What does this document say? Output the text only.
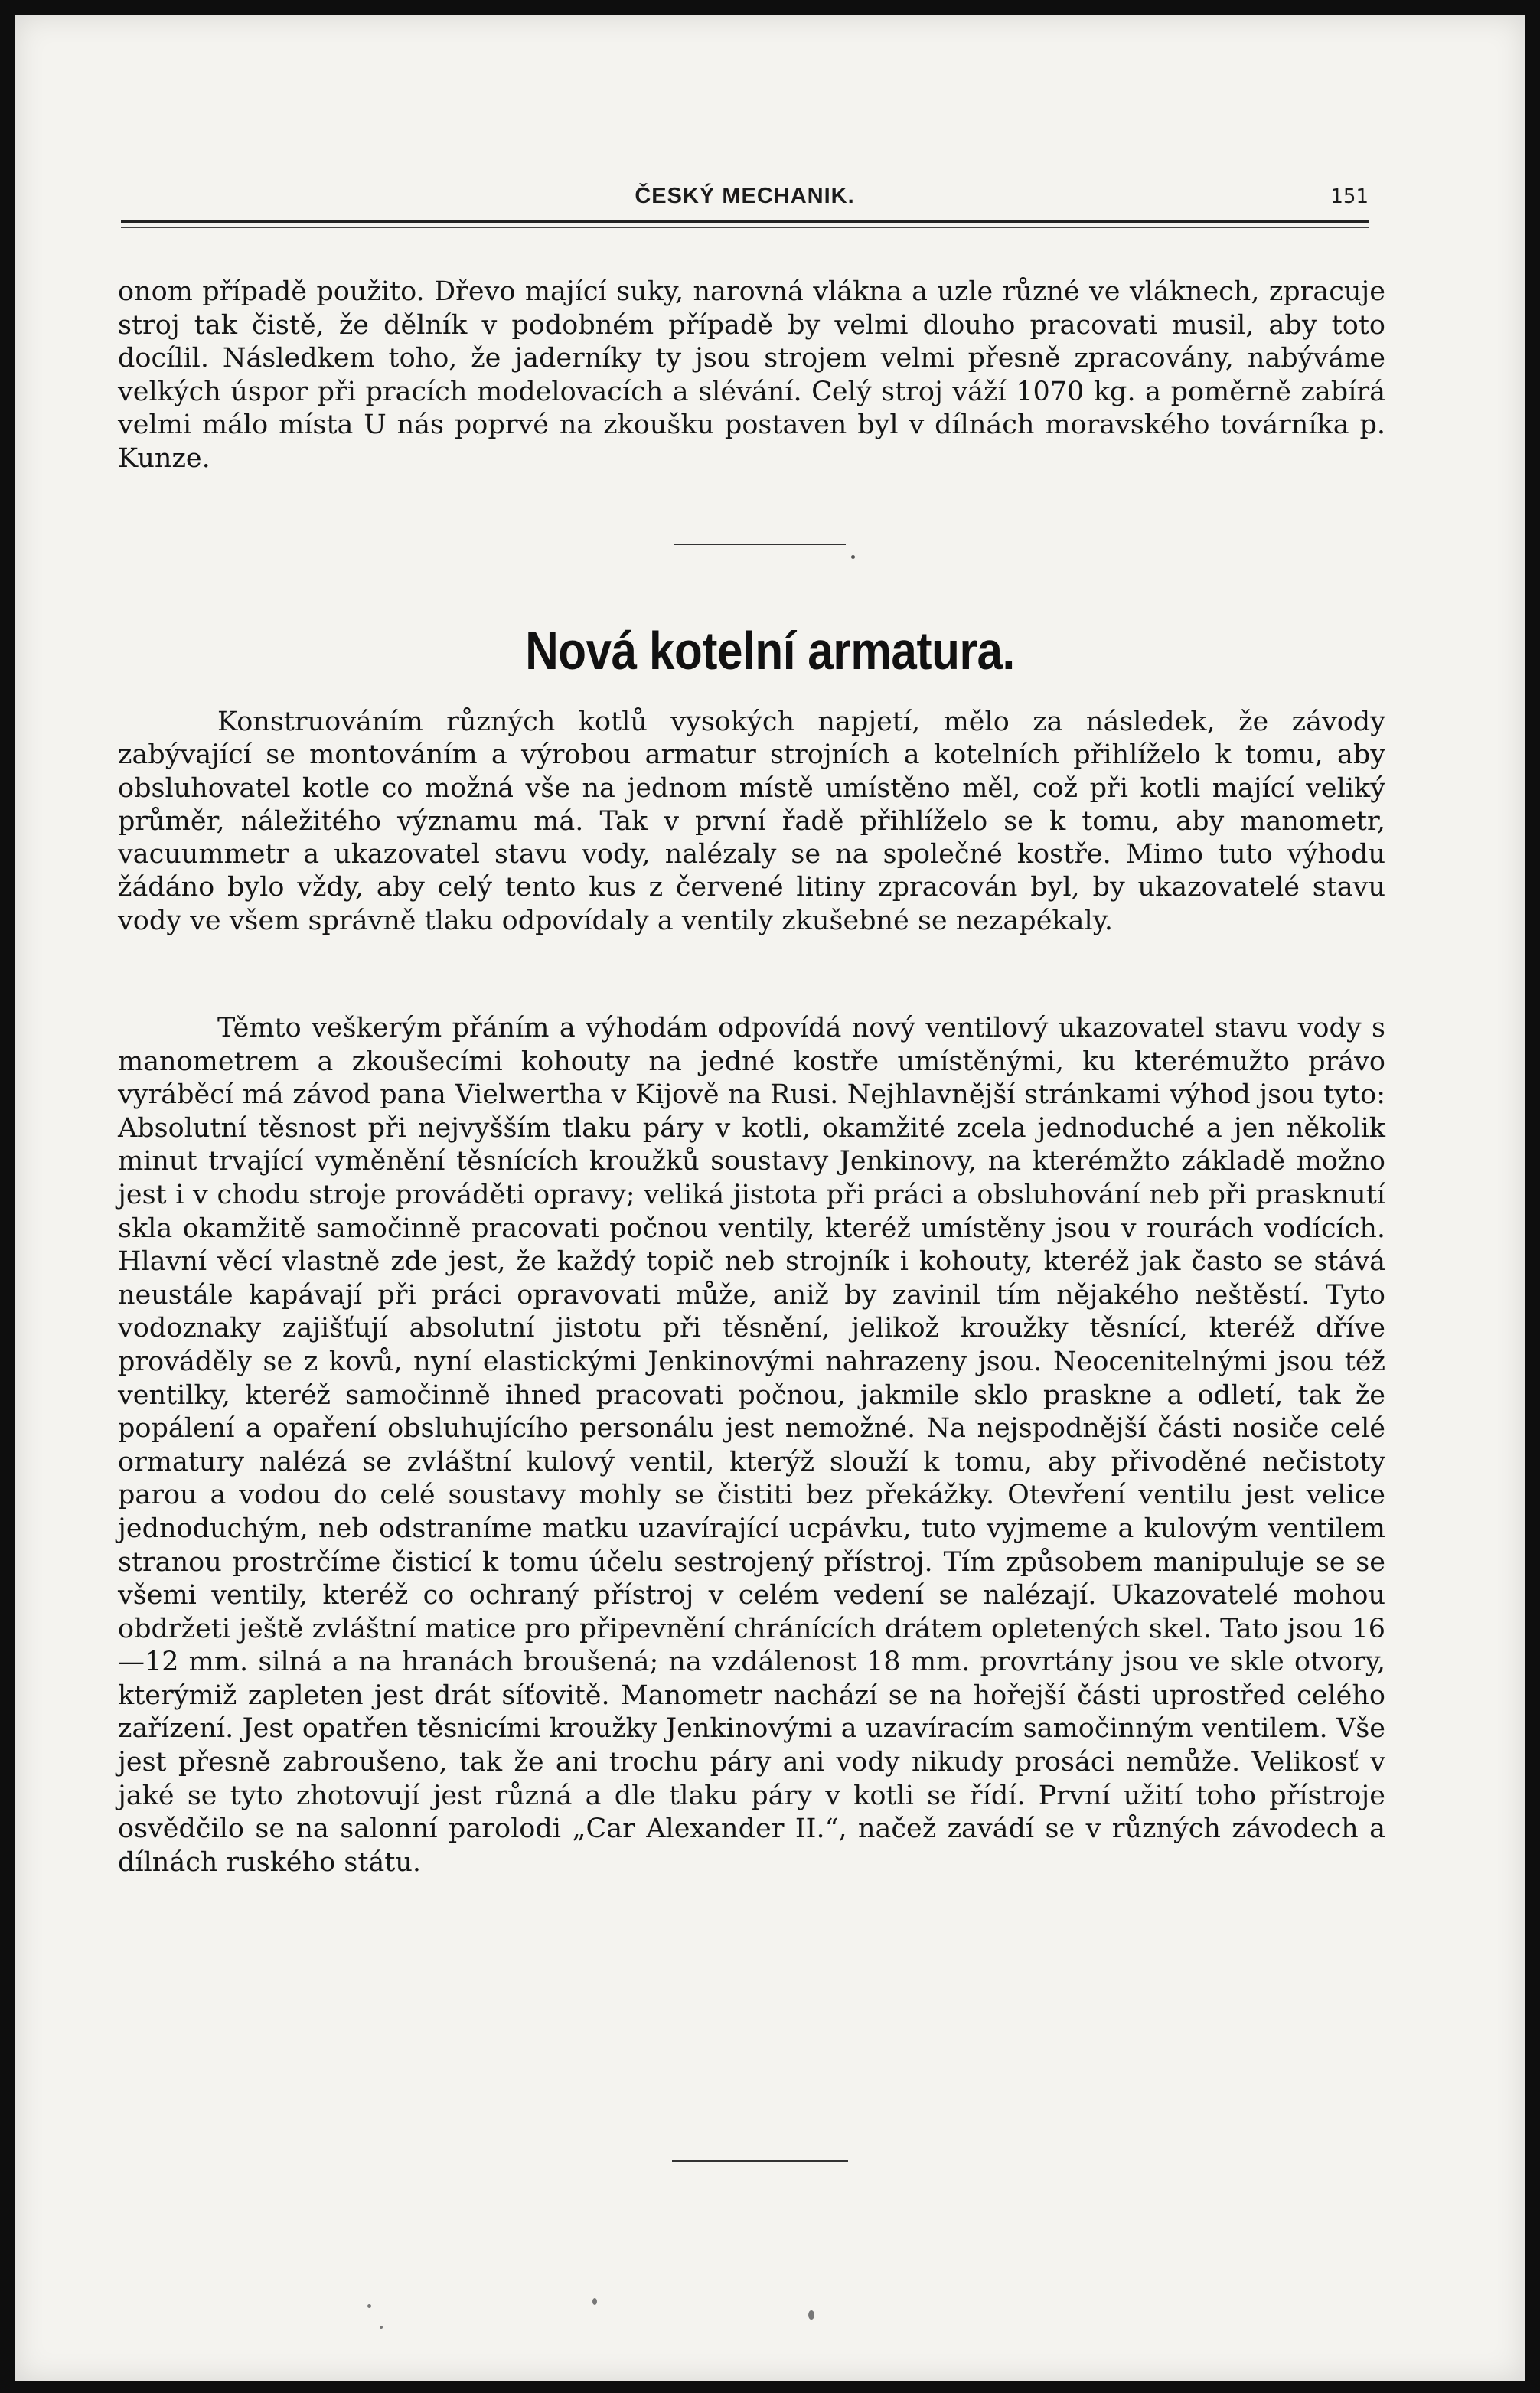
ČESKÝ MECHANIK.	151

onom případě použito. Dřevo mající suky, narovná vlákna a uzle různé ve vláknech, zpracuje stroj tak čistě, že dělník v podobném případě by velmi dlouho pracovati musil, aby toto docílil. Následkem toho, že jaderníky ty jsou strojem velmi přesně zpracovány, nabýváme velkých úspor při pracích modelovacích a slévání. Celý stroj váží 1070 kg. a poměrně zabírá velmi málo místa U nás poprvé na zkoušku postaven byl v dílnách moravského továrníka p. Kunze.

Nová kotelní armatura.

Konstruováním různých kotlů vysokých napjetí, mělo za následek, že závody zabývající se montováním a výrobou armatur strojních a kotelních přihlíželo k tomu, aby obsluhovatel kotle co možná vše na jednom místě umístěno měl, což při kotli mající veliký průměr, náležitého významu má. Tak v první řadě přihlíželo se k tomu, aby manometr, vacuummetr a ukazovatel stavu vody, nalézaly se na společné kostře. Mimo tuto výhodu žádáno bylo vždy, aby celý tento kus z červené litiny zpracován byl, by ukazovatelé stavu vody ve všem správně tlaku odpovídaly a ventily zkušebné se nezapékaly.

Těmto veškerým přáním a výhodám odpovídá nový ventilový ukazovatel stavu vody s manometrem a zkoušecími kohouty na jedné kostře umístěnými, ku kterémužto právo vyráběcí má závod pana Vielwertha v Kijově na Rusi. Nejhlavnější stránkami výhod jsou tyto: Absolutní těsnost při nejvyšším tlaku páry v kotli, okamžité zcela jednoduché a jen několik minut trvající vyměnění těsnících kroužků soustavy Jenkinovy, na kterémžto základě možno jest i v chodu stroje prováděti opravy; veliká jistota při práci a obsluhování neb při prasknutí skla okamžitě samočinně pracovati počnou ventily, kteréž umístěny jsou v rourách vodících. Hlavní věcí vlastně zde jest, že každý topič neb strojník i kohouty, kteréž jak často se stává neustále kapávají při práci opravovati může, aniž by zavinil tím nějakého neštěstí. Tyto vodoznaky zajišťují absolutní jistotu při těsnění, jelikož kroužky těsnící, kteréž dříve prováděly se z kovů, nyní elastickými Jenkinovými nahrazeny jsou. Neocenitelnými jsou též ventilky, kteréž samočinně ihned pracovati počnou, jakmile sklo praskne a odletí, tak že popálení a opaření obsluhujícího personálu jest nemožné. Na nejspodnější části nosiče celé ormatury nalézá se zvláštní kulový ventil, kterýž slouží k tomu, aby přivoděné nečistoty parou a vodou do celé soustavy mohly se čistiti bez překážky. Otevření ventilu jest velice jednoduchým, neb odstraníme matku uzavírající ucpávku, tuto vyjmeme a kulovým ventilem stranou prostrčíme čisticí k tomu účelu sestrojený přístroj. Tím způsobem manipuluje se se všemi ventily, kteréž co ochraný přístroj v celém vedení se nalézají. Ukazovatelé mohou obdržeti ještě zvláštní matice pro připevnění chránících drátem opletených skel. Tato jsou 16—12 mm. silná a na hranách broušená; na vzdálenost 18 mm. provrtány jsou ve skle otvory, kterýmiž zapleten jest drát síťovitě. Manometr nachází se na hořejší části uprostřed celého zařízení. Jest opatřen těsnicími kroužky Jenkinovými a uzavíracím samočinným ventilem. Vše jest přesně zabroušeno, tak že ani trochu páry ani vody nikudy prosáci nemůže. Velikosť v jaké se tyto zhotovují jest různá a dle tlaku páry v kotli se řídí. První užití toho přístroje osvědčilo se na salonní parolodi „Car Alexander II.“, načež zavádí se v různých závodech a dílnách ruského státu.
